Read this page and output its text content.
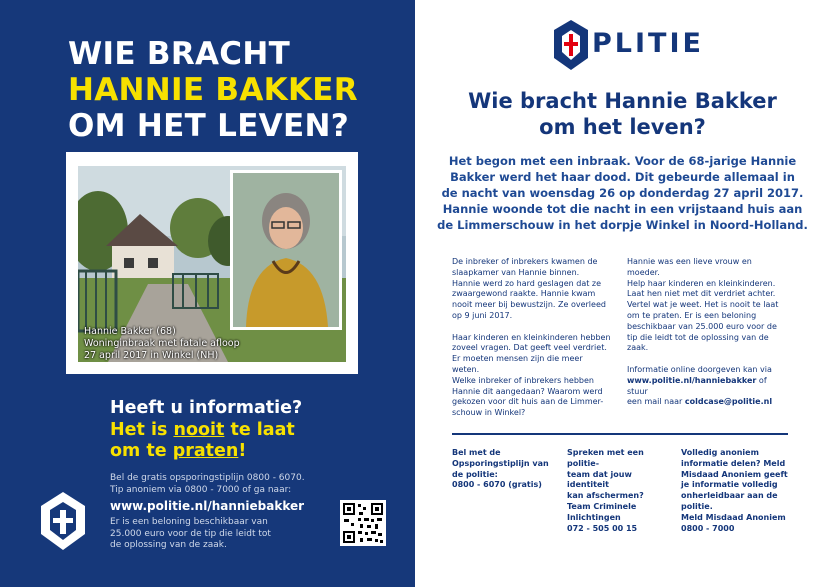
WIE BRACHT
HANNIE BAKKER
OM HET LEVEN?
Hannie Bakker (68)
Woninginbraak met fatale afloop
27 april 2017 in Winkel (NH)
Heeft u informatie?
Het is nooit te laat
om te praten!
Bel de gratis opsporingstiplijn 0800 - 6070.
Tip anoniem via 0800 - 7000 of ga naar:
www.politie.nl/hanniebakker
Er is een beloning beschikbaar van
25.000 euro voor de tip die leidt tot
de oplossing van de zaak.
PLITIE
Wie bracht Hannie Bakker
om het leven?
Het begon met een inbraak. Voor de 68-jarige Hannie
Bakker werd het haar dood. Dit gebeurde allemaal in
de nacht van woensdag 26 op donderdag 27 april 2017.
Hannie woonde tot die nacht in een vrijstaand huis aan
de Limmerschouw in het dorpje Winkel in Noord-Holland.
De inbreker of inbrekers kwamen de
slaapkamer van Hannie binnen.
Hannie werd zo hard geslagen dat ze
zwaargewond raakte. Hannie kwam
nooit meer bij bewustzijn. Ze overleed
op 9 juni 2017.
Haar kinderen en kleinkinderen hebben
zoveel vragen. Dat geeft veel verdriet.
Er moeten mensen zijn die meer weten.
Welke inbreker of inbrekers hebben
Hannie dit aangedaan? Waarom werd
gekozen voor dit huis aan de Limmer-
schouw in Winkel?
Hannie was een lieve vrouw en moeder.
Help haar kinderen en kleinkinderen.
Laat hen niet met dit verdriet achter.
Vertel wat je weet. Het is nooit te laat
om te praten. Er is een beloning
beschikbaar van 25.000 euro voor de
tip die leidt tot de oplossing van de zaak.
Informatie online doorgeven kan via
www.politie.nl/hanniebakker of stuur
een mail naar coldcase@politie.nl
Bel met de
Opsporingstiplijn van
de politie:
0800 - 6070 (gratis)
Spreken met een politie-
team dat jouw identiteit
kan afschermen?
Team Criminele
Inlichtingen
072 - 505 00 15
Volledig anoniem
informatie delen? Meld
Misdaad Anoniem geeft
je informatie volledig
onherleidbaar aan de
politie.
Meld Misdaad Anoniem
0800 - 7000
